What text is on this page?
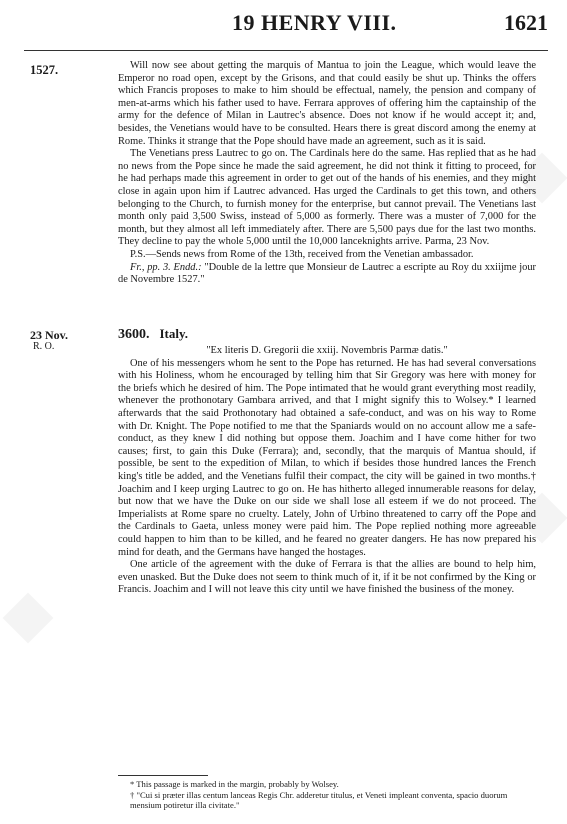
19 HENRY VIII.	1621
1527.	Will now see about getting the marquis of Mantua to join the League, which would leave the Emperor no road open, except by the Grisons, and that could easily be shut up. Thinks the offers which Francis proposes to make to him should be effectual, namely, the pension and company of men-at-arms which his father used to have. Ferrara approves of offering him the captainship of the army for the defence of Milan in Lautrec's absence. Does not know if he would accept it; and, besides, the Venetians would have to be consulted. Hears there is great discord among the enemy at Rome. Thinks it strange that the Pope should have made an agreement, such as it is said.

The Venetians press Lautrec to go on. The Cardinals here do the same. Has replied that as he had no news from the Pope since he made the said agreement, he did not think it fitting to proceed, for he had perhaps made this agreement in order to get out of the hands of his enemies, and they might close in again upon him if Lautrec advanced. Has urged the Cardinals to get this town, and others belonging to the Church, to furnish money for the enterprise, but cannot prevail. The Venetians last month only paid 3,500 Swiss, instead of 5,000 as formerly. There was a muster of 7,000 for the month, but they almost all left immediately after. There are 5,500 pays due for the last two months. They decline to pay the whole 5,000 until the 10,000 lanceknights arrive. Parma, 23 Nov.

P.S.—Sends news from Rome of the 13th, received from the Venetian ambassador.

Fr., pp. 3. Endd.: "Double de la lettre que Monsieur de Lautrec a escripte au Roy du xxiijme jour de Novembre 1527."

23 Nov.
R. O.
3600. Italy.

"Ex literis D. Gregorii die xxiij. Novembris Parmæ datis."

One of his messengers whom he sent to the Pope has returned. He has had several conversations with his Holiness, whom he encouraged by telling him that Sir Gregory was here with money for the briefs which he desired of him. The Pope intimated that he would grant everything most readily, whenever the prothonotary Gambara arrived, and that I might signify this to Wolsey.* I learned afterwards that the said Prothonotary had obtained a safe-conduct, and was on his way to Rome with Dr. Knight. The Pope notified to me that the Spaniards would on no account allow me a safe-conduct, as they knew I did nothing but oppose them. Joachim and I have come hither for two causes; first, to gain this Duke (Ferrara); and, secondly, that the marquis of Mantua should, if possible, be sent to the expedition of Milan, to which if besides those hundred lances the French king's title be added, and the Venetians fulfil their compact, the city will be gained in two months.† Joachim and I keep urging Lautrec to go on. He has hitherto alleged innumerable reasons for delay, but now that we have the Duke on our side we shall lose all esteem if we do not proceed. The Imperialists at Rome spare no cruelty. Lately, John of Urbino threatened to carry off the Pope and the Cardinals to Gaeta, unless money were paid him. The Pope replied nothing more agreeable could happen to him than to be killed, and he feared no greater dangers. He has now prepared his mind for death, and the Germans have hanged the hostages.

One article of the agreement with the duke of Ferrara is that the allies are bound to help him, even unasked. But the Duke does not seem to think much of it, if it be not confirmed by the King or Francis. Joachim and I will not leave this city until we have finished the business of the money.

* This passage is marked in the margin, probably by Wolsey.
† "Cui si præter illas centum lanceas Regis Chr. adderetur titulus, et Veneti impleant conventa, spacio duorum mensium potiretur illa civitate."
